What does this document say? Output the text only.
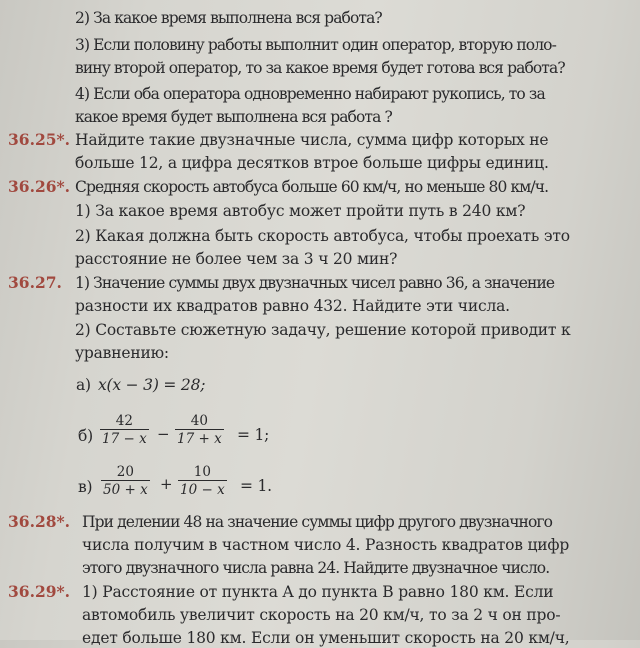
2) За какое время выполнена вся работа?
3) Если половину работы выполнит один оператор, вторую поло-
вину второй оператор, то за какое время будет готова вся работа?
4) Если оба оператора одновременно набирают рукопись, то за
какое время будет выполнена вся работа ?
36.25*. Найдите такие двузначные числа, сумма цифр которых не
больше 12, а цифра десятков втрое больше цифры единиц.
36.26*. Средняя скорость автобуса больше 60 км/ч, но меньше 80 км/ч.
1) За какое время автобус может пройти путь в 240 км?
2) Какая должна быть скорость автобуса, чтобы проехать это
расстояние не более чем за 3 ч 20 мин?
36.27. 1) Значение суммы двух двузначных чисел равно 36, а значение
разности их квадратов равно 432. Найдите эти числа.
2) Составьте сюжетную задачу, решение которой приводит к
уравнению:
а) x(x − 3) = 28;
б)
42
17 − x −
40
17 + x = 1;
в)
20
50 + x +
10
10 − x = 1.
36.28*. При делении 48 на значение суммы цифр другого двузначного
числа получим в частном число 4. Разность квадратов цифр
этого двузначного числа равна 24. Найдите двузначное число.
36.29*. 1) Расстояние от пункта A до пункта B равно 180 км. Если
автомобиль увеличит скорость на 20 км/ч, то за 2 ч он про-
едет больше 180 км. Если он уменьшит скорость на 20 км/ч,
